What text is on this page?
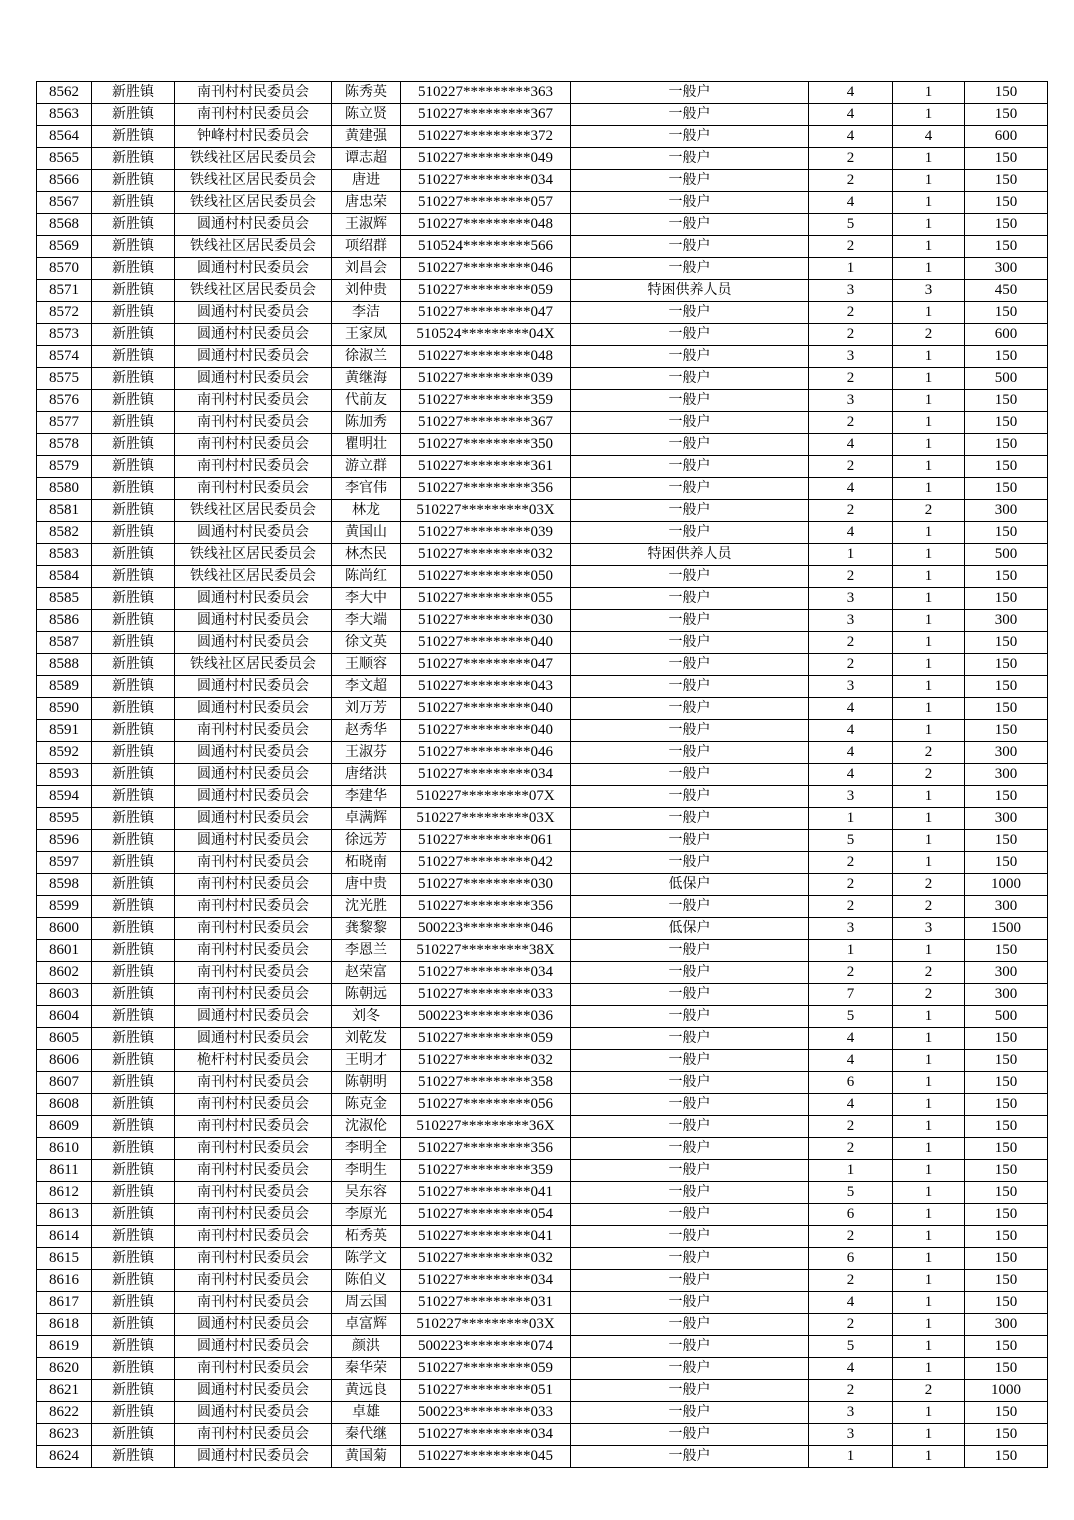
8562	新胜镇	南刊村村民委员会	陈秀英	510227*********363	一般户	4	1	150
8563	新胜镇	南刊村村民委员会	陈立贤	510227*********367	一般户	4	1	150
8564	新胜镇	钟峰村村民委员会	黄建强	510227*********372	一般户	4	4	600
8565	新胜镇	铁线社区居民委员会	谭志超	510227*********049	一般户	2	1	150
8566	新胜镇	铁线社区居民委员会	唐进	510227*********034	一般户	2	1	150
8567	新胜镇	铁线社区居民委员会	唐忠荣	510227*********057	一般户	4	1	150
8568	新胜镇	圆通村村民委员会	王淑辉	510227*********048	一般户	5	1	150
8569	新胜镇	铁线社区居民委员会	项绍群	510524*********566	一般户	2	1	150
8570	新胜镇	圆通村村民委员会	刘昌会	510227*********046	一般户	1	1	300
8571	新胜镇	铁线社区居民委员会	刘仲贵	510227*********059	特困供养人员	3	3	450
8572	新胜镇	圆通村村民委员会	李洁	510227*********047	一般户	2	1	150
8573	新胜镇	圆通村村民委员会	王家凤	510524*********04X	一般户	2	2	600
8574	新胜镇	圆通村村民委员会	徐淑兰	510227*********048	一般户	3	1	150
8575	新胜镇	圆通村村民委员会	黄继海	510227*********039	一般户	2	1	500
8576	新胜镇	南刊村村民委员会	代前友	510227*********359	一般户	3	1	150
8577	新胜镇	南刊村村民委员会	陈加秀	510227*********367	一般户	2	1	150
8578	新胜镇	南刊村村民委员会	瞿明壮	510227*********350	一般户	4	1	150
8579	新胜镇	南刊村村民委员会	游立群	510227*********361	一般户	2	1	150
8580	新胜镇	南刊村村民委员会	李官伟	510227*********356	一般户	4	1	150
8581	新胜镇	铁线社区居民委员会	林龙	510227*********03X	一般户	2	2	300
8582	新胜镇	圆通村村民委员会	黄国山	510227*********039	一般户	4	1	150
8583	新胜镇	铁线社区居民委员会	林杰民	510227*********032	特困供养人员	1	1	500
8584	新胜镇	铁线社区居民委员会	陈尚红	510227*********050	一般户	2	1	150
8585	新胜镇	圆通村村民委员会	李大中	510227*********055	一般户	3	1	150
8586	新胜镇	圆通村村民委员会	李大端	510227*********030	一般户	3	1	300
8587	新胜镇	圆通村村民委员会	徐文英	510227*********040	一般户	2	1	150
8588	新胜镇	铁线社区居民委员会	王顺容	510227*********047	一般户	2	1	150
8589	新胜镇	圆通村村民委员会	李文超	510227*********043	一般户	3	1	150
8590	新胜镇	圆通村村民委员会	刘万芳	510227*********040	一般户	4	1	150
8591	新胜镇	南刊村村民委员会	赵秀华	510227*********040	一般户	4	1	150
8592	新胜镇	圆通村村民委员会	王淑芬	510227*********046	一般户	4	2	300
8593	新胜镇	圆通村村民委员会	唐绪洪	510227*********034	一般户	4	2	300
8594	新胜镇	圆通村村民委员会	李建华	510227*********07X	一般户	3	1	150
8595	新胜镇	圆通村村民委员会	卓满辉	510227*********03X	一般户	1	1	300
8596	新胜镇	圆通村村民委员会	徐远芳	510227*********061	一般户	5	1	150
8597	新胜镇	南刊村村民委员会	柘晓南	510227*********042	一般户	2	1	150
8598	新胜镇	南刊村村民委员会	唐中贵	510227*********030	低保户	2	2	1000
8599	新胜镇	南刊村村民委员会	沈光胜	510227*********356	一般户	2	2	300
8600	新胜镇	南刊村村民委员会	龚黎黎	500223*********046	低保户	3	3	1500
8601	新胜镇	南刊村村民委员会	李恩兰	510227*********38X	一般户	1	1	150
8602	新胜镇	南刊村村民委员会	赵荣富	510227*********034	一般户	2	2	300
8603	新胜镇	南刊村村民委员会	陈朝远	510227*********033	一般户	7	2	300
8604	新胜镇	圆通村村民委员会	刘冬	500223*********036	一般户	5	1	500
8605	新胜镇	圆通村村民委员会	刘乾发	510227*********059	一般户	4	1	150
8606	新胜镇	桅杆村村民委员会	王明才	510227*********032	一般户	4	1	150
8607	新胜镇	南刊村村民委员会	陈朝明	510227*********358	一般户	6	1	150
8608	新胜镇	南刊村村民委员会	陈克金	510227*********056	一般户	4	1	150
8609	新胜镇	南刊村村民委员会	沈淑伦	510227*********36X	一般户	2	1	150
8610	新胜镇	南刊村村民委员会	李明全	510227*********356	一般户	2	1	150
8611	新胜镇	南刊村村民委员会	李明生	510227*********359	一般户	1	1	150
8612	新胜镇	南刊村村民委员会	吴东容	510227*********041	一般户	5	1	150
8613	新胜镇	南刊村村民委员会	李原光	510227*********054	一般户	6	1	150
8614	新胜镇	南刊村村民委员会	柘秀英	510227*********041	一般户	2	1	150
8615	新胜镇	南刊村村民委员会	陈学文	510227*********032	一般户	6	1	150
8616	新胜镇	南刊村村民委员会	陈伯义	510227*********034	一般户	2	1	150
8617	新胜镇	南刊村村民委员会	周云国	510227*********031	一般户	4	1	150
8618	新胜镇	圆通村村民委员会	卓富辉	510227*********03X	一般户	2	1	300
8619	新胜镇	圆通村村民委员会	颜洪	500223*********074	一般户	5	1	150
8620	新胜镇	南刊村村民委员会	秦华荣	510227*********059	一般户	4	1	150
8621	新胜镇	圆通村村民委员会	黄远良	510227*********051	一般户	2	2	1000
8622	新胜镇	圆通村村民委员会	卓雄	500223*********033	一般户	3	1	150
8623	新胜镇	南刊村村民委员会	秦代继	510227*********034	一般户	3	1	150
8624	新胜镇	圆通村村民委员会	黄国菊	510227*********045	一般户	1	1	150
